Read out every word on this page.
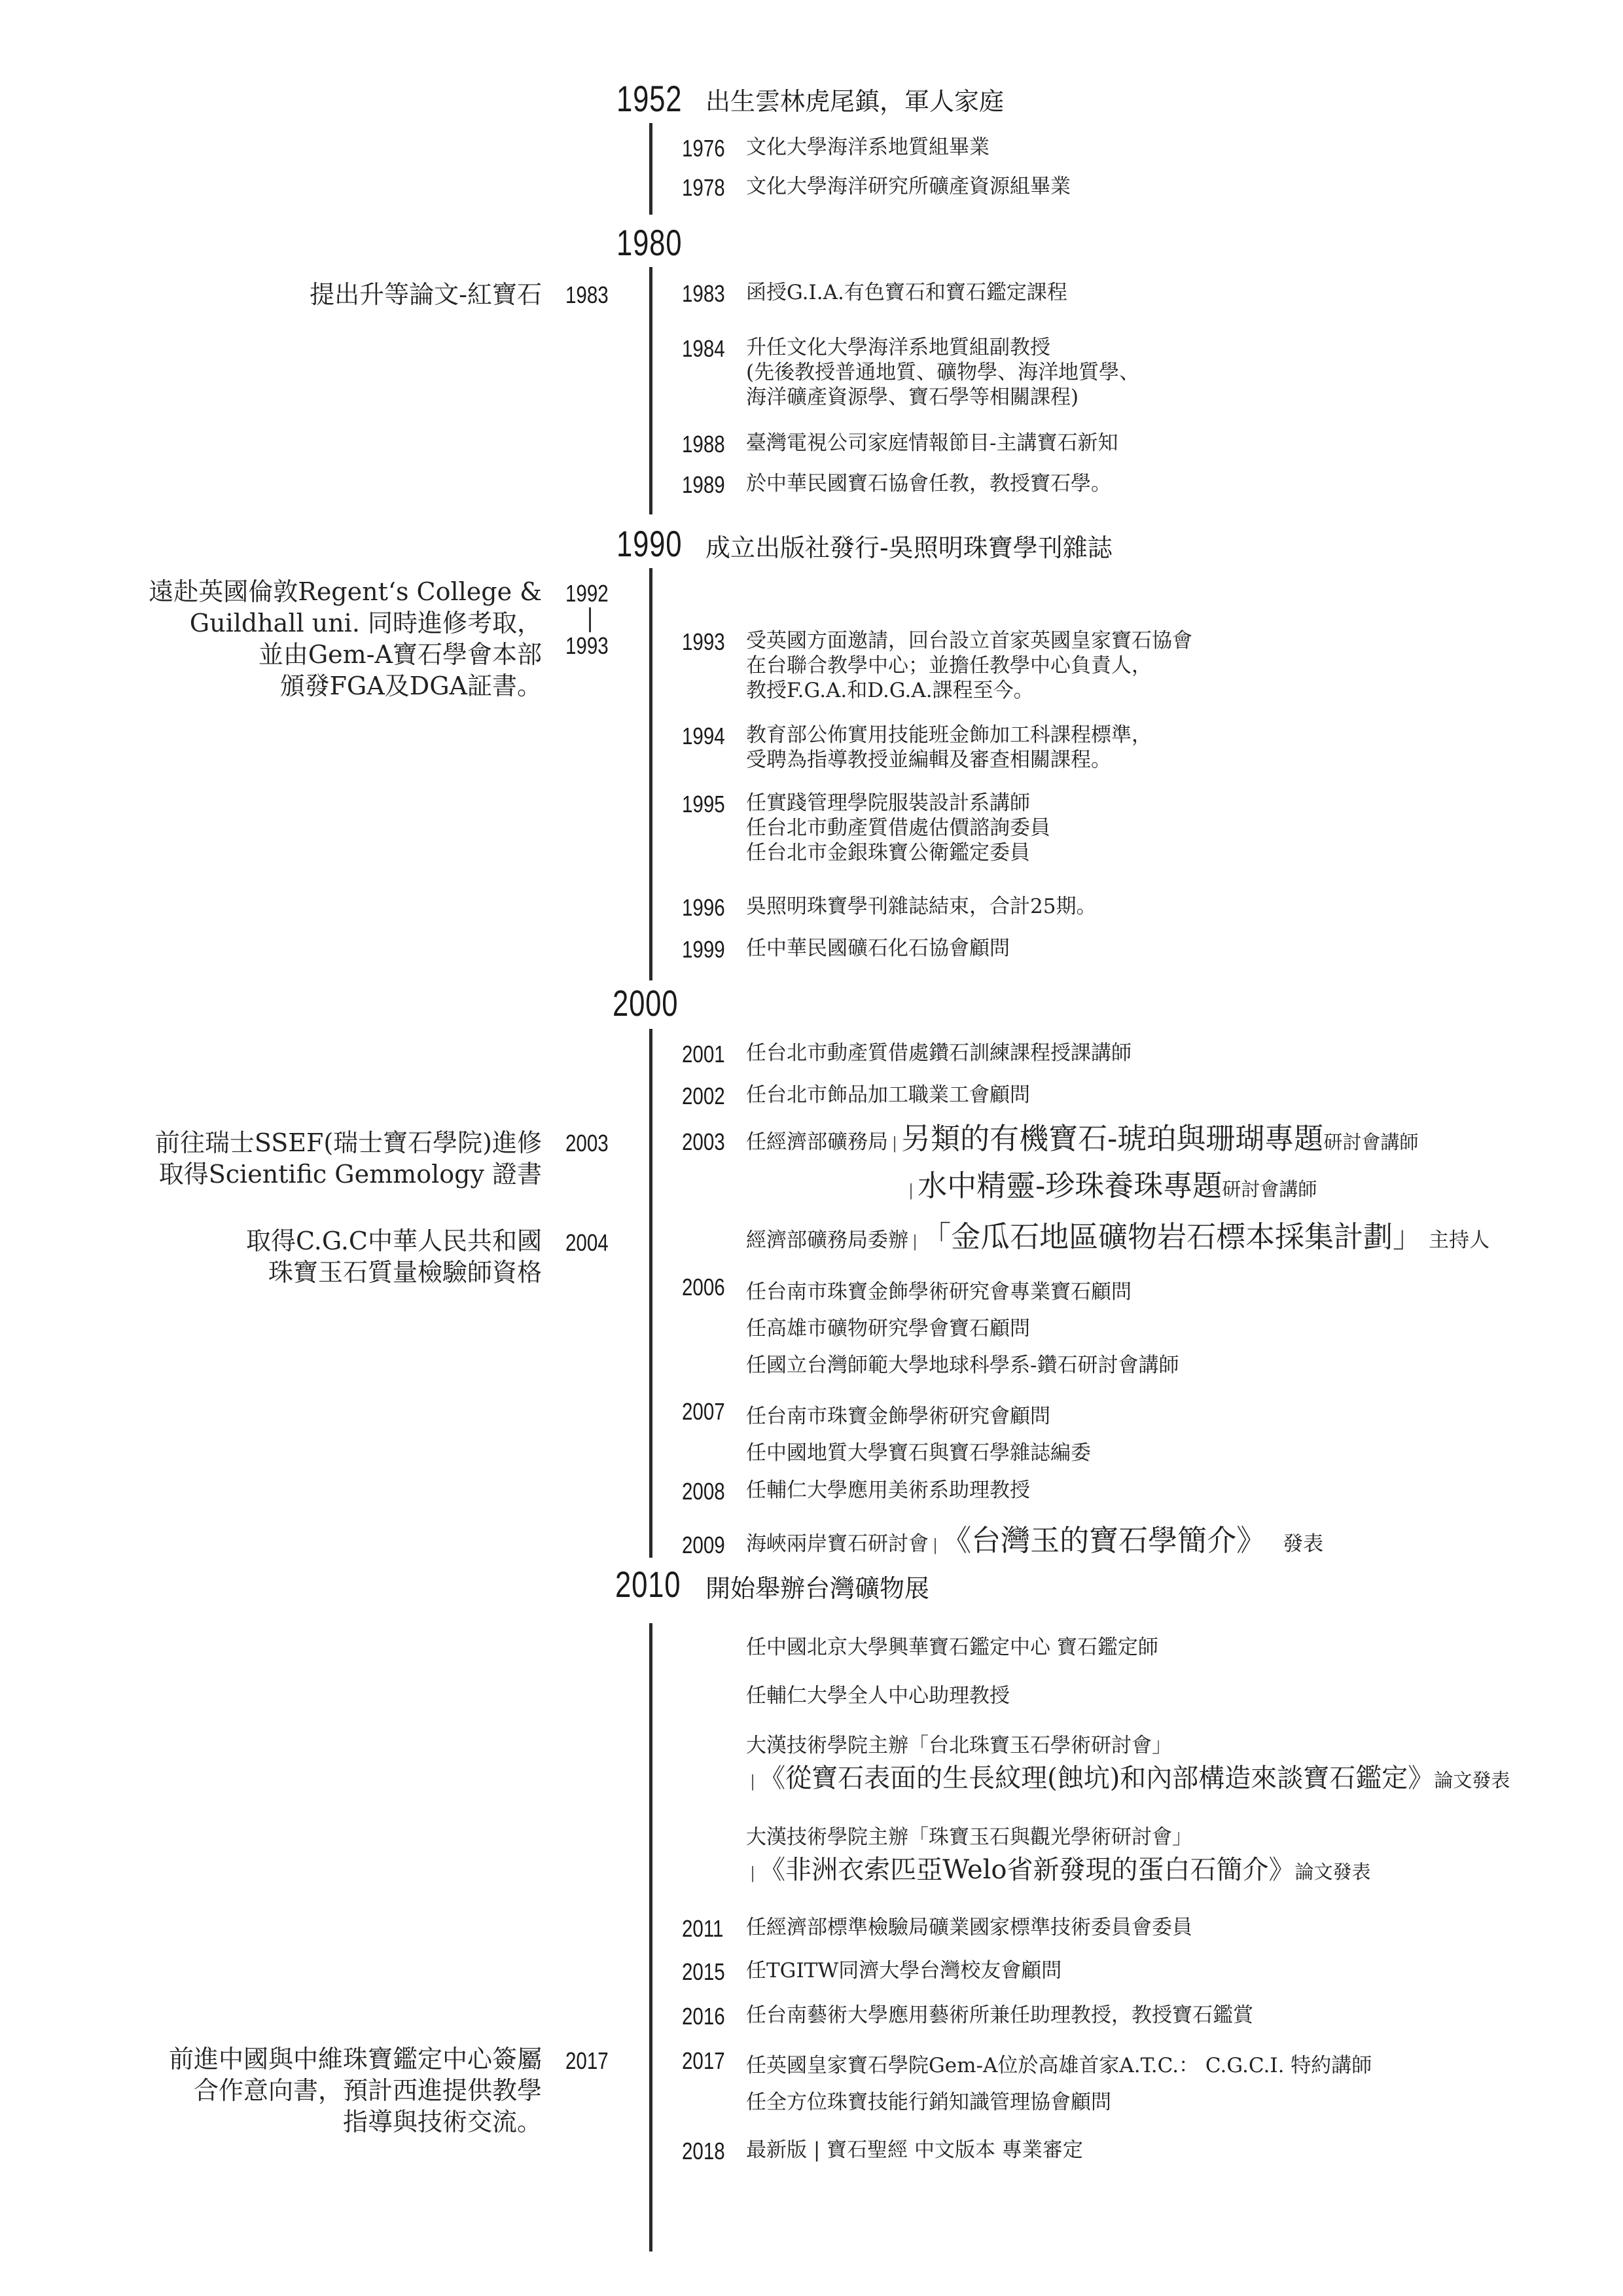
1952 出生雲林虎尾鎮，軍人家庭
1980
1990 成立出版社發行-吳照明珠寶學刊雜誌
2000
2010 開始舉辦台灣礦物展
1976 文化大學海洋系地質組畢業
1978 文化大學海洋研究所礦產資源組畢業
1983 函授G.I.A.有色寶石和寶石鑑定課程
1984 升任文化大學海洋系地質組副教授
(先後教授普通地質、礦物學、海洋地質學、
海洋礦產資源學、寶石學等相關課程)
1988 臺灣電視公司家庭情報節目-主講寶石新知
1989 於中華民國寶石協會任教，教授寶石學。
1993 受英國方面邀請，回台設立首家英國皇家寶石協會
在台聯合教學中心；並擔任教學中心負責人，
教授F.G.A.和D.G.A.課程至今。
1994 教育部公佈實用技能班金飾加工科課程標準，
受聘為指導教授並編輯及審查相關課程。
1995 任實踐管理學院服裝設計系講師
任台北市動產質借處估價諮詢委員
任台北市金銀珠寶公衛鑑定委員
1996 吳照明珠寶學刊雜誌結束，合計25期。
1999 任中華民國礦石化石協會顧問
2001 任台北市動產質借處鑽石訓練課程授課講師
2002 任台北市飾品加工職業工會顧問
2003 任經濟部礦務局 | 另類的有機寶石-琥珀與珊瑚專題研討會講師
| 水中精靈-珍珠養珠專題研討會講師
經濟部礦務局委辦 | 「金瓜石地區礦物岩石標本採集計劃」 主持人
2006 任台南市珠寶金飾學術研究會專業寶石顧問
任高雄市礦物研究學會寶石顧問
任國立台灣師範大學地球科學系-鑽石研討會講師
2007 任台南市珠寶金飾學術研究會顧問
任中國地質大學寶石與寶石學雜誌編委
2008 任輔仁大學應用美術系助理教授
2009 海峽兩岸寶石研討會 | 《台灣玉的寶石學簡介》 發表
任中國北京大學興華寶石鑑定中心 寶石鑑定師
任輔仁大學全人中心助理教授
大漢技術學院主辦「台北珠寶玉石學術研討會」
| 《從寶石表面的生長紋理(蝕坑)和內部構造來談寶石鑑定》論文發表
大漢技術學院主辦「珠寶玉石與觀光學術研討會」
| 《非洲衣索匹亞Welo省新發現的蛋白石簡介》論文發表
2011 任經濟部標準檢驗局礦業國家標準技術委員會委員
2015 任TGITW同濟大學台灣校友會顧問
2016 任台南藝術大學應用藝術所兼任助理教授，教授寶石鑑賞
2017 任英國皇家寶石學院Gem-A位於高雄首家A.T.C.： C.G.C.I. 特約講師
任全方位珠寶技能行銷知識管理協會顧問
2018 最新版 | 寶石聖經 中文版本 專業審定
提出升等論文-紅寶石 1983
遠赴英國倫敦Regent‘s College &
Guildhall uni. 同時進修考取，
並由Gem-A寶石學會本部
頒發FGA及DGA証書。
1992
1993
前往瑞士SSEF(瑞士寶石學院)進修
取得Scientific Gemmology 證書
2003
取得C.G.C中華人民共和國
珠寶玉石質量檢驗師資格
2004
前進中國與中維珠寶鑑定中心簽屬
合作意向書，預計西進提供教學
指導與技術交流。
2017
